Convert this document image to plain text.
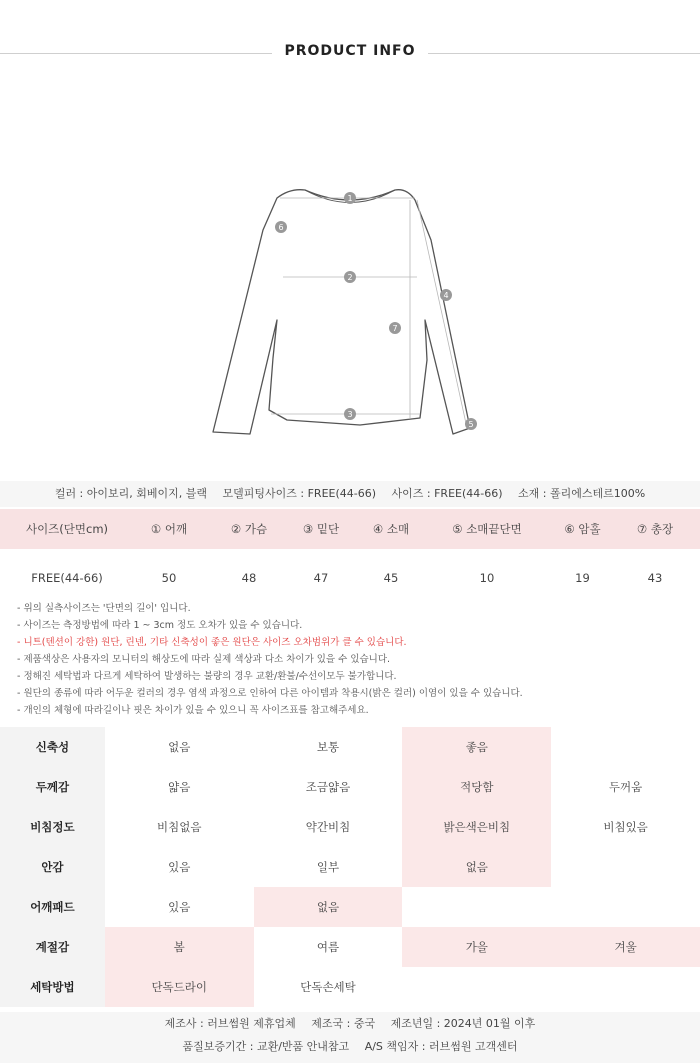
PRODUCT INFO
1
2
3
4
5
6
7
컬러 : 아이보리, 회베이지, 블랙 모델피팅사이즈 : FREE(44-66) 사이즈 : FREE(44-66) 소재 : 폴리에스테르100%
사이즈(단면cm)	① 어깨	② 가슴	③ 밑단	④ 소매	⑤ 소매끝단면	⑥ 암홀	⑦ 총장
FREE(44-66)	50	48	47	45	10	19	43
- 위의 실측사이즈는 '단면의 길이' 입니다.
- 사이즈는 측정방법에 따라 1 ~ 3cm 정도 오차가 있을 수 있습니다.
- 니트(텐션이 강한) 원단, 린넨, 기타 신축성이 좋은 원단은 사이즈 오차범위가 클 수 있습니다.
- 제품색상은 사용자의 모니터의 해상도에 따라 실제 색상과 다소 차이가 있을 수 있습니다.
- 정해진 세탁법과 다르게 세탁하여 발생하는 불량의 경우 교환/환불/수선이모두 불가합니다.
- 원단의 종류에 따라 어두운 컬러의 경우 염색 과정으로 인하여 다른 아이템과 착용시(밝은 컬러) 이염이 있을 수 있습니다.
- 개인의 체형에 따라길이나 핏은 차이가 있을 수 있으니 꼭 사이즈표를 참고해주세요.
신축성	없음	보통	좋음
두께감	얇음	조금얇음	적당함	두꺼움
비침정도	비침없음	약간비침	밝은색은비침	비침있음
안감	있음	일부	없음
어깨패드	있음	없음
계절감	봄	여름	가을	겨울
세탁방법	단독드라이	단독손세탁
제조사 : 러브썸원 제휴업체 제조국 : 중국 제조년일 : 2024년 01월 이후
품질보증기간 : 교환/반품 안내참고 A/S 책임자 : 러브썸원 고객센터
